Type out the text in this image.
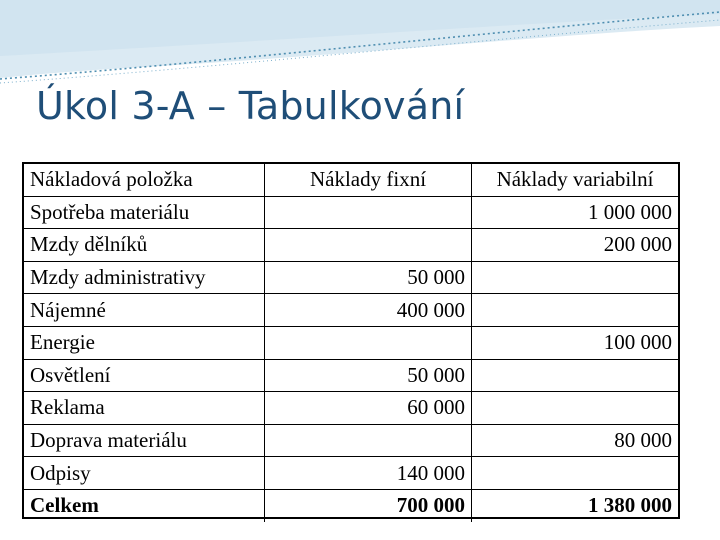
Úkol 3-A – Tabulkování
Nákladová položka	Náklady fixní	Náklady variabilní
Spotřeba materiálu		1 000 000
Mzdy dělníků		200 000
Mzdy administrativy	50 000	
Nájemné	400 000	
Energie		100 000
Osvětlení	50 000	
Reklama	60 000	
Doprava materiálu		80 000
Odpisy	140 000	
Celkem	700 000	1 380 000
